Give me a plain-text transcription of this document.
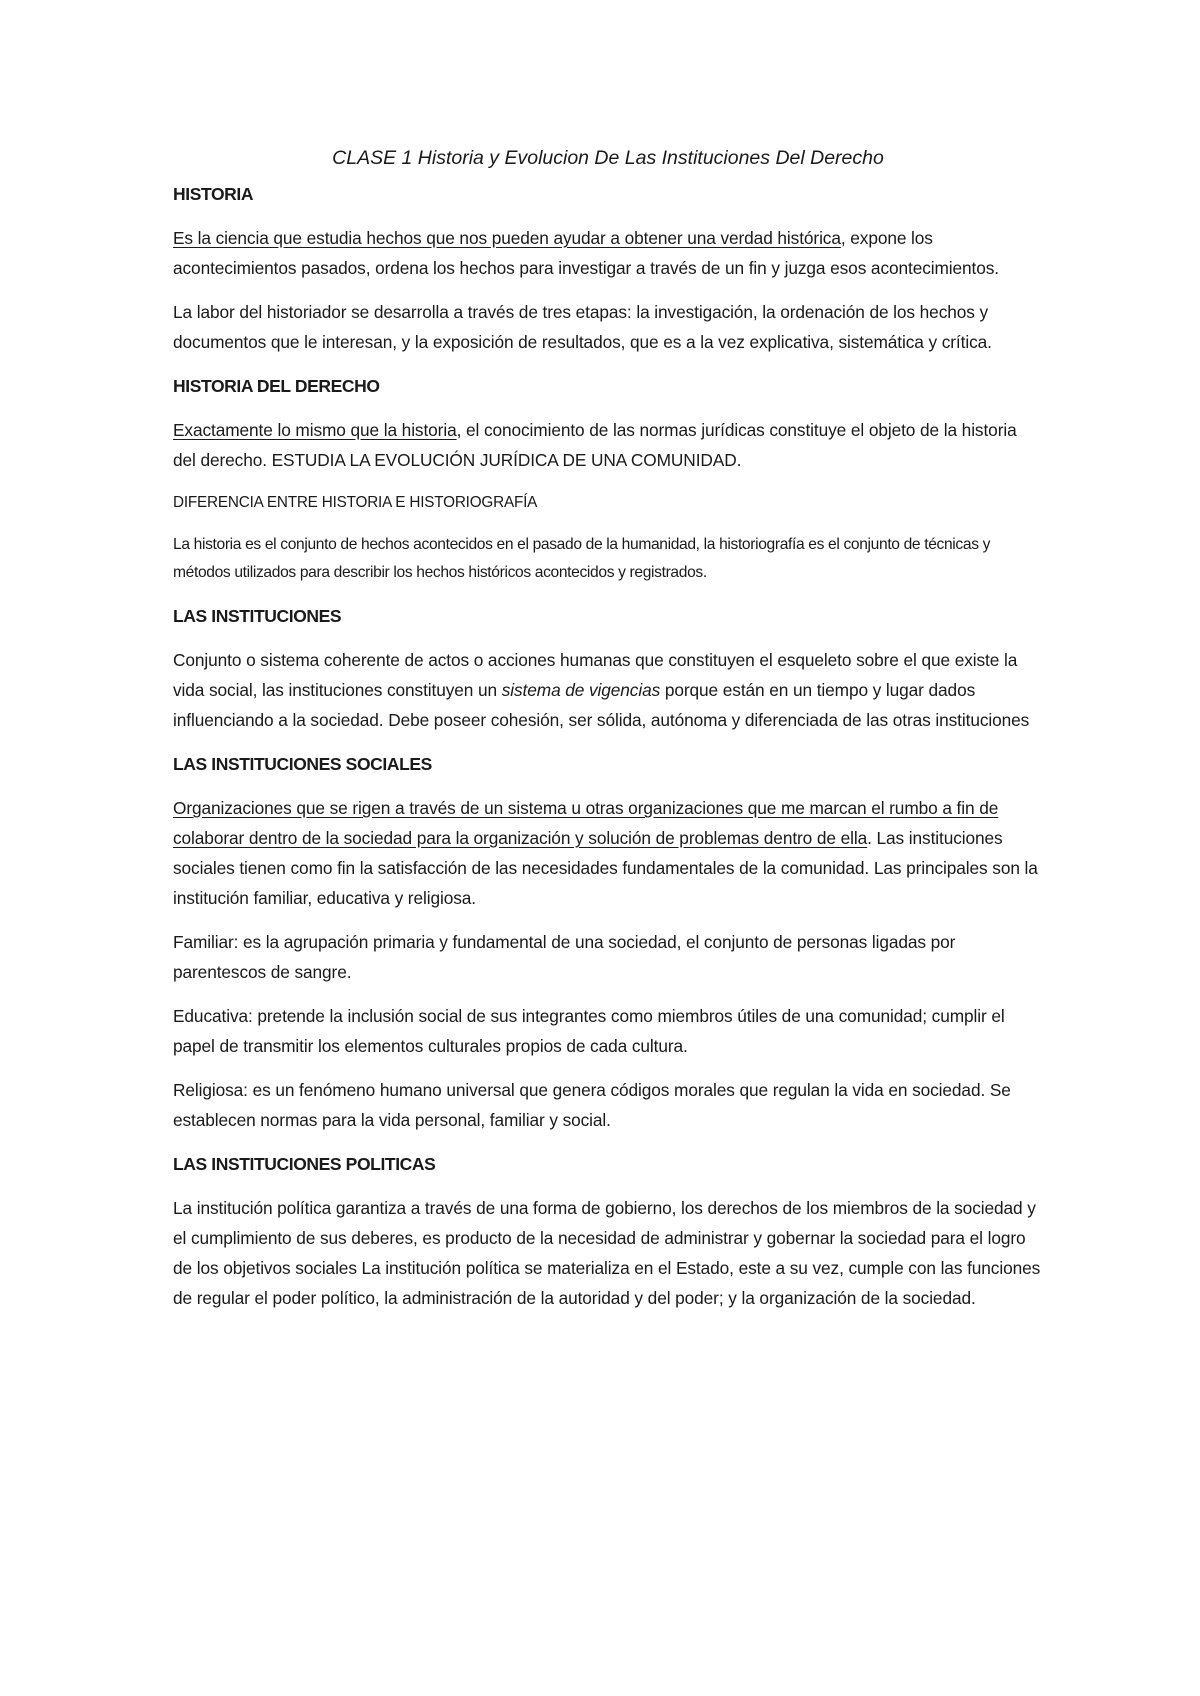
CLASE 1 Historia y Evolucion De Las Instituciones Del Derecho
HISTORIA

Es la ciencia que estudia hechos que nos pueden ayudar a obtener una verdad histórica, expone los acontecimientos pasados, ordena los hechos para investigar a través de un fin y juzga esos acontecimientos.

La labor del historiador se desarrolla a través de tres etapas: la investigación, la ordenación de los hechos y documentos que le interesan, y la exposición de resultados, que es a la vez explicativa, sistemática y crítica.

HISTORIA DEL DERECHO

Exactamente lo mismo que la historia, el conocimiento de las normas jurídicas constituye el objeto de la historia del derecho. ESTUDIA LA EVOLUCIÓN JURÍDICA DE UNA COMUNIDAD.

DIFERENCIA ENTRE HISTORIA E HISTORIOGRAFÍA

La historia es el conjunto de hechos acontecidos en el pasado de la humanidad, la historiografía es el conjunto de técnicas y métodos utilizados para describir los hechos históricos acontecidos y registrados.

LAS INSTITUCIONES

Conjunto o sistema coherente de actos o acciones humanas que constituyen el esqueleto sobre el que existe la vida social, las instituciones constituyen un sistema de vigencias porque están en un tiempo y lugar dados influenciando a la sociedad. Debe poseer cohesión, ser sólida, autónoma y diferenciada de las otras instituciones

LAS INSTITUCIONES SOCIALES

Organizaciones que se rigen a través de un sistema u otras organizaciones que me marcan el rumbo a fin de colaborar dentro de la sociedad para la organización y solución de problemas dentro de ella. Las instituciones sociales tienen como fin la satisfacción de las necesidades fundamentales de la comunidad. Las principales son la institución familiar, educativa y religiosa.

Familiar: es la agrupación primaria y fundamental de una sociedad, el conjunto de personas ligadas por parentescos de sangre.

Educativa: pretende la inclusión social de sus integrantes como miembros útiles de una comunidad; cumplir el papel de transmitir los elementos culturales propios de cada cultura.

Religiosa: es un fenómeno humano universal que genera códigos morales que regulan la vida en sociedad. Se establecen normas para la vida personal, familiar y social.

LAS INSTITUCIONES POLITICAS

La institución política garantiza a través de una forma de gobierno, los derechos de los miembros de la sociedad y el cumplimiento de sus deberes, es producto de la necesidad de administrar y gobernar la sociedad para el logro de los objetivos sociales La institución política se materializa en el Estado, este a su vez, cumple con las funciones de regular el poder político, la administración de la autoridad y del poder; y la organización de la sociedad.
